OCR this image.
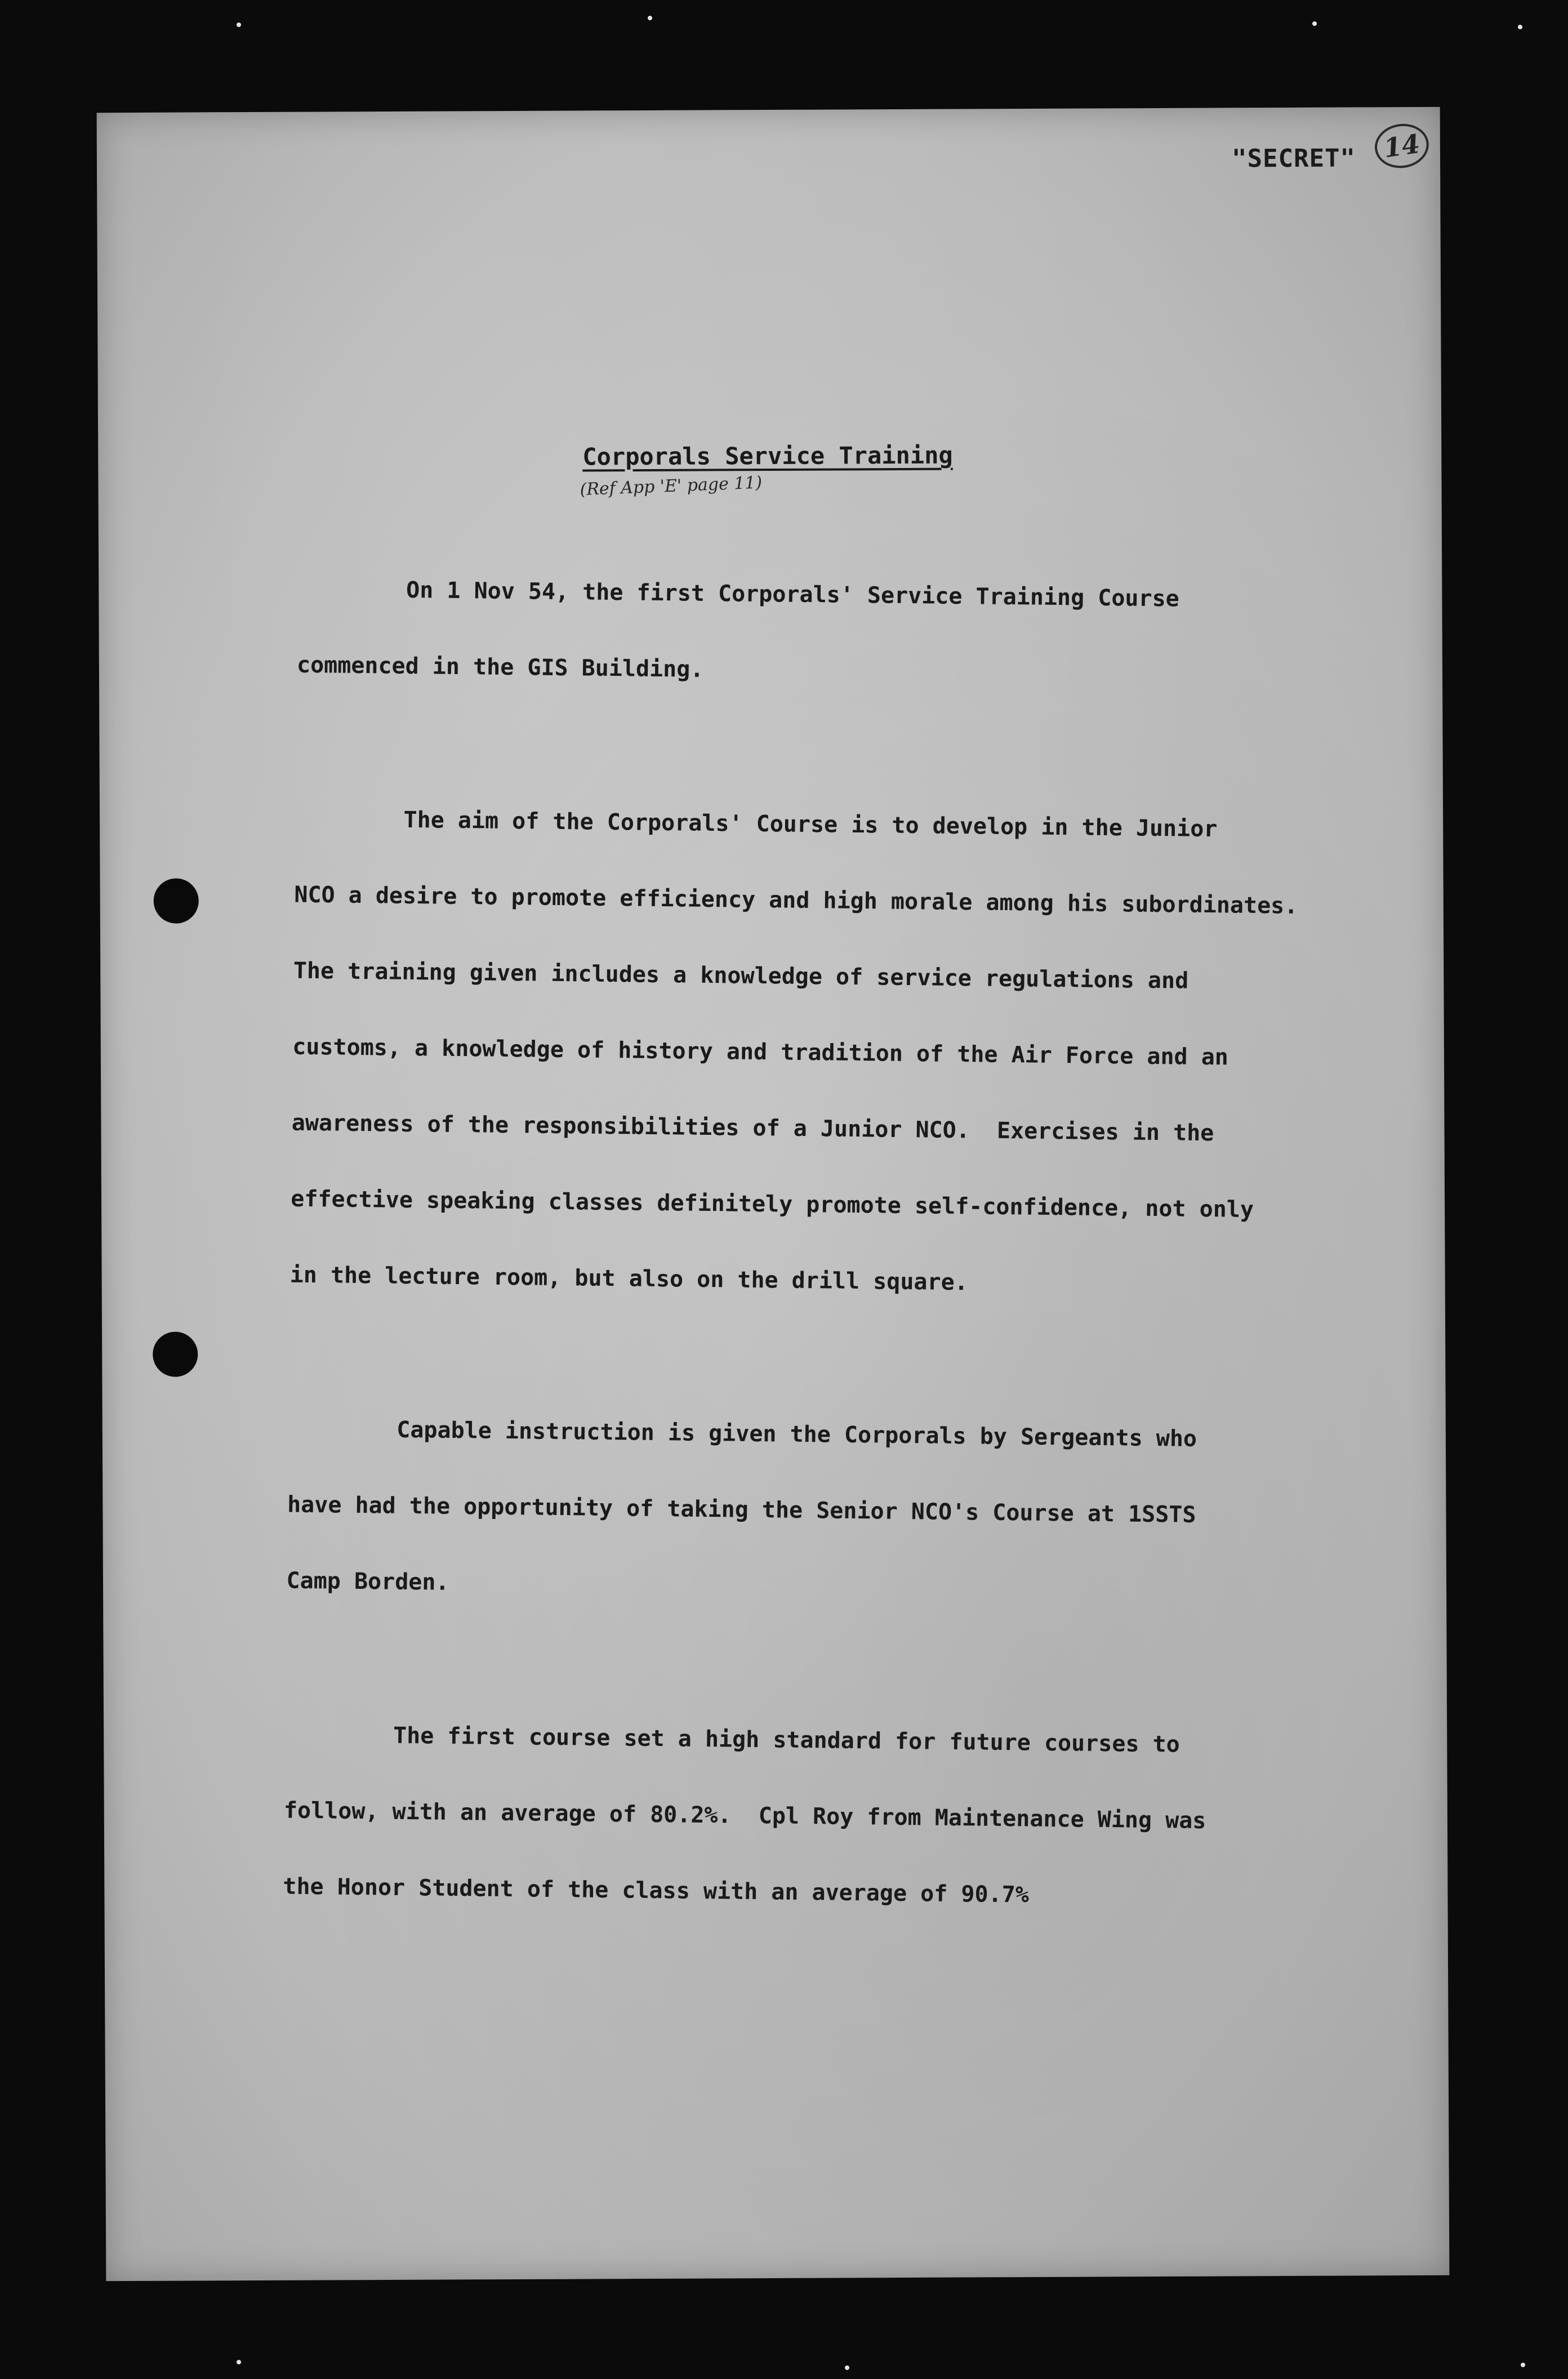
"SECRET"	14
Corporals Service Training
(Ref App 'E' page 11)

On 1 Nov 54, the first Corporals' Service Training Course

commenced in the GIS Building.

The aim of the Corporals' Course is to develop in the Junior

NCO a desire to promote efficiency and high morale among his subordinates.

The training given includes a knowledge of service regulations and

customs, a knowledge of history and tradition of the Air Force and an

awareness of the responsibilities of a Junior NCO.  Exercises in the

effective speaking classes definitely promote self-confidence, not only

in the lecture room, but also on the drill square.

Capable instruction is given the Corporals by Sergeants who

have had the opportunity of taking the Senior NCO's Course at 1SSTS

Camp Borden.

The first course set a high standard for future courses to

follow, with an average of 80.2%.  Cpl Roy from Maintenance Wing was

the Honor Student of the class with an average of 90.7%
